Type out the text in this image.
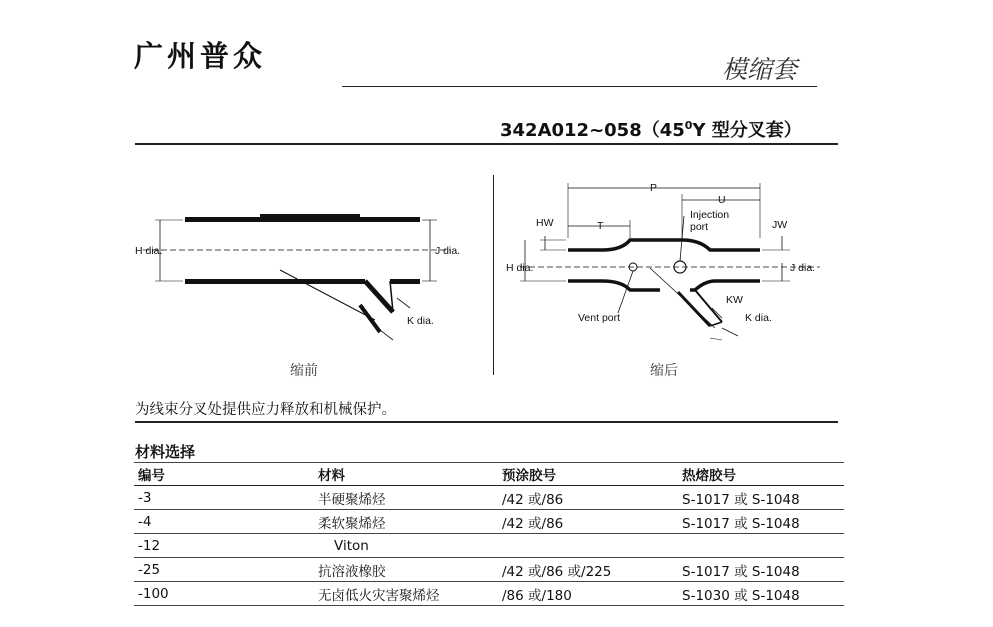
广州普众	模缩套
$342A012\sim 058(45^0Y$ 型分叉套）
H dia.	J dia.
K dia.
缩前
P
U
T
HW	JW
Injection
port
H dia.	J dia.
KW
K dia.
Vent port
缩后
为线束分叉处提供应力释放和机械保护。
材料选择
编号	材料	预涂胶号	热熔胶号
-3	半硬聚烯烃	/42 或/86	S-1017 或 S-1048
-4	柔软聚烯烃	/42 或/86	S-1017 或 S-1048
-12	Viton		
-25	抗溶液橡胶	/42 或/86 或/225	S-1017 或 S-1048
-100	无卤低火灾害聚烯烃	/86 或/180	S-1030 或 S-1048
